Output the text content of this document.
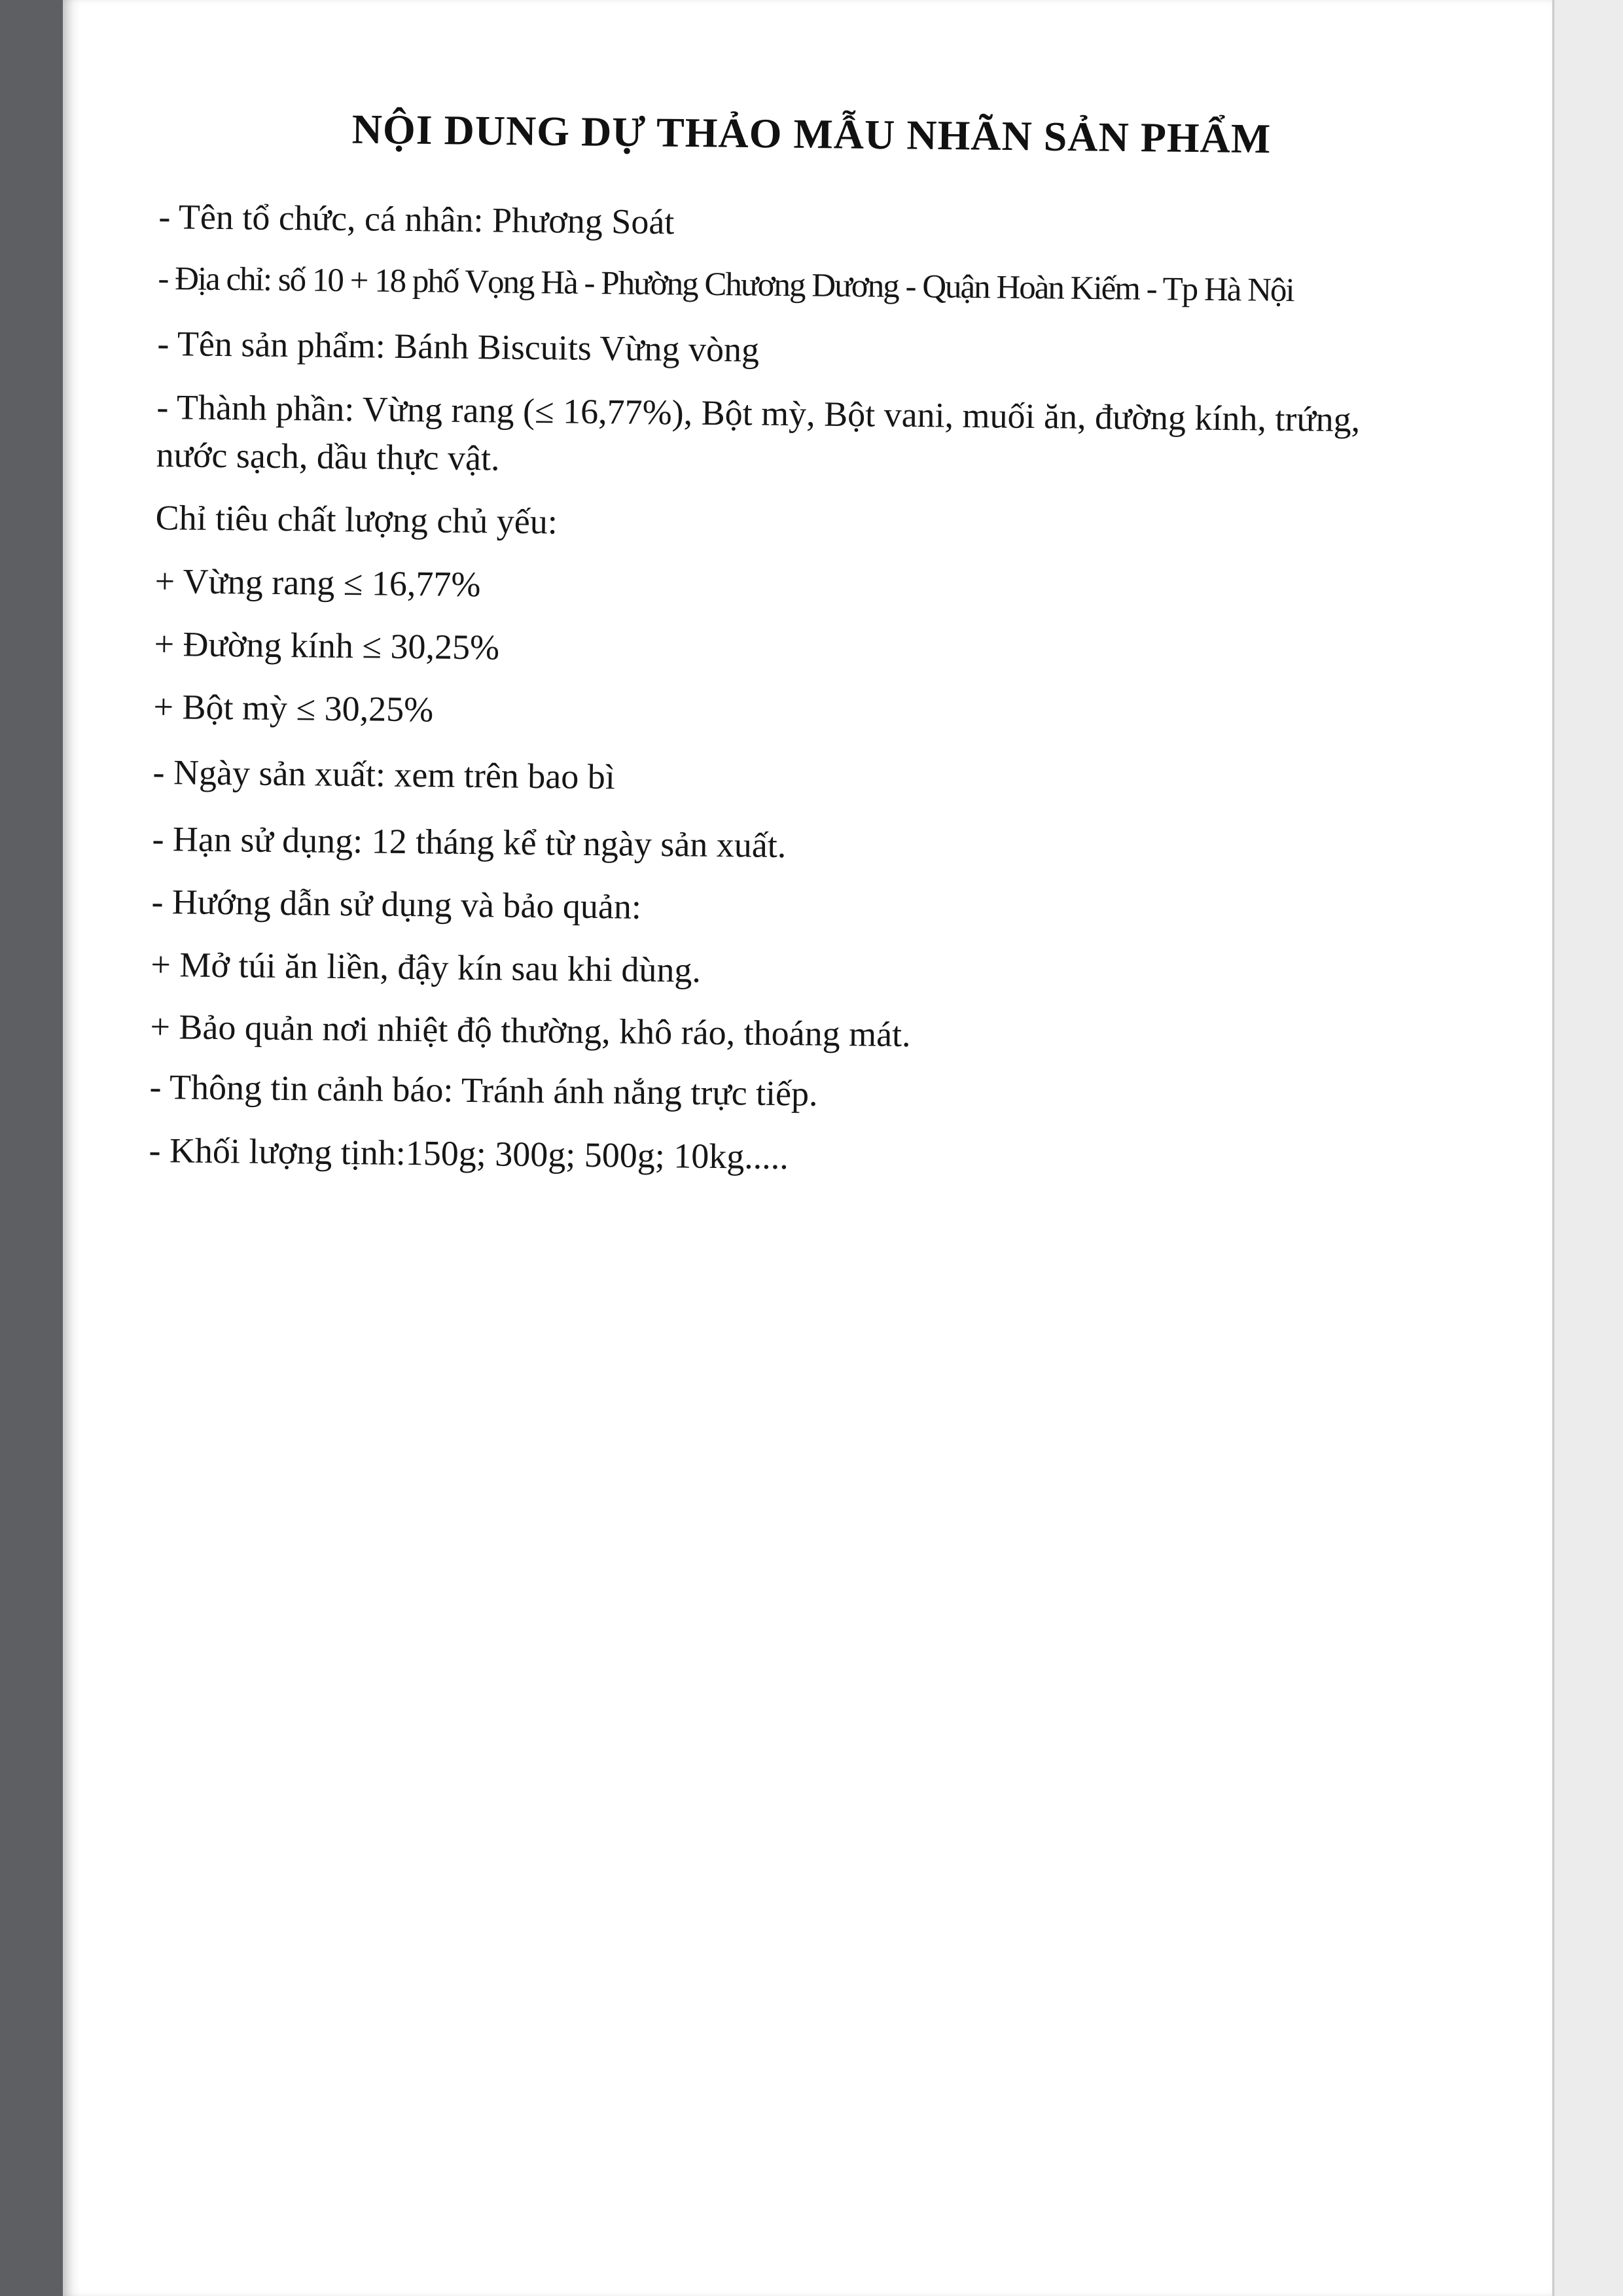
NỘI DUNG DỰ THẢO MẪU NHÃN SẢN PHẨM
- Tên tổ chức, cá nhân: Phương Soát
- Địa chỉ: số 10 + 18 phố Vọng Hà - Phường Chương Dương - Quận Hoàn Kiếm - Tp Hà Nội
- Tên sản phẩm: Bánh Biscuits Vừng vòng
- Thành phần: Vừng rang (≤ 16,77%), Bột mỳ, Bột vani, muối ăn, đường kính, trứng,
nước sạch, dầu thực vật.
Chỉ tiêu chất lượng chủ yếu:
+ Vừng rang ≤ 16,77%
+ Đường kính ≤ 30,25%
+ Bột mỳ ≤ 30,25%
- Ngày sản xuất: xem trên bao bì
- Hạn sử dụng: 12 tháng kể từ ngày sản xuất.
- Hướng dẫn sử dụng và bảo quản:
+ Mở túi ăn liền, đậy kín sau khi dùng.
+ Bảo quản nơi nhiệt độ thường, khô ráo, thoáng mát.
- Thông tin cảnh báo: Tránh ánh nắng trực tiếp.
- Khối lượng tịnh:150g; 300g; 500g; 10kg.....
